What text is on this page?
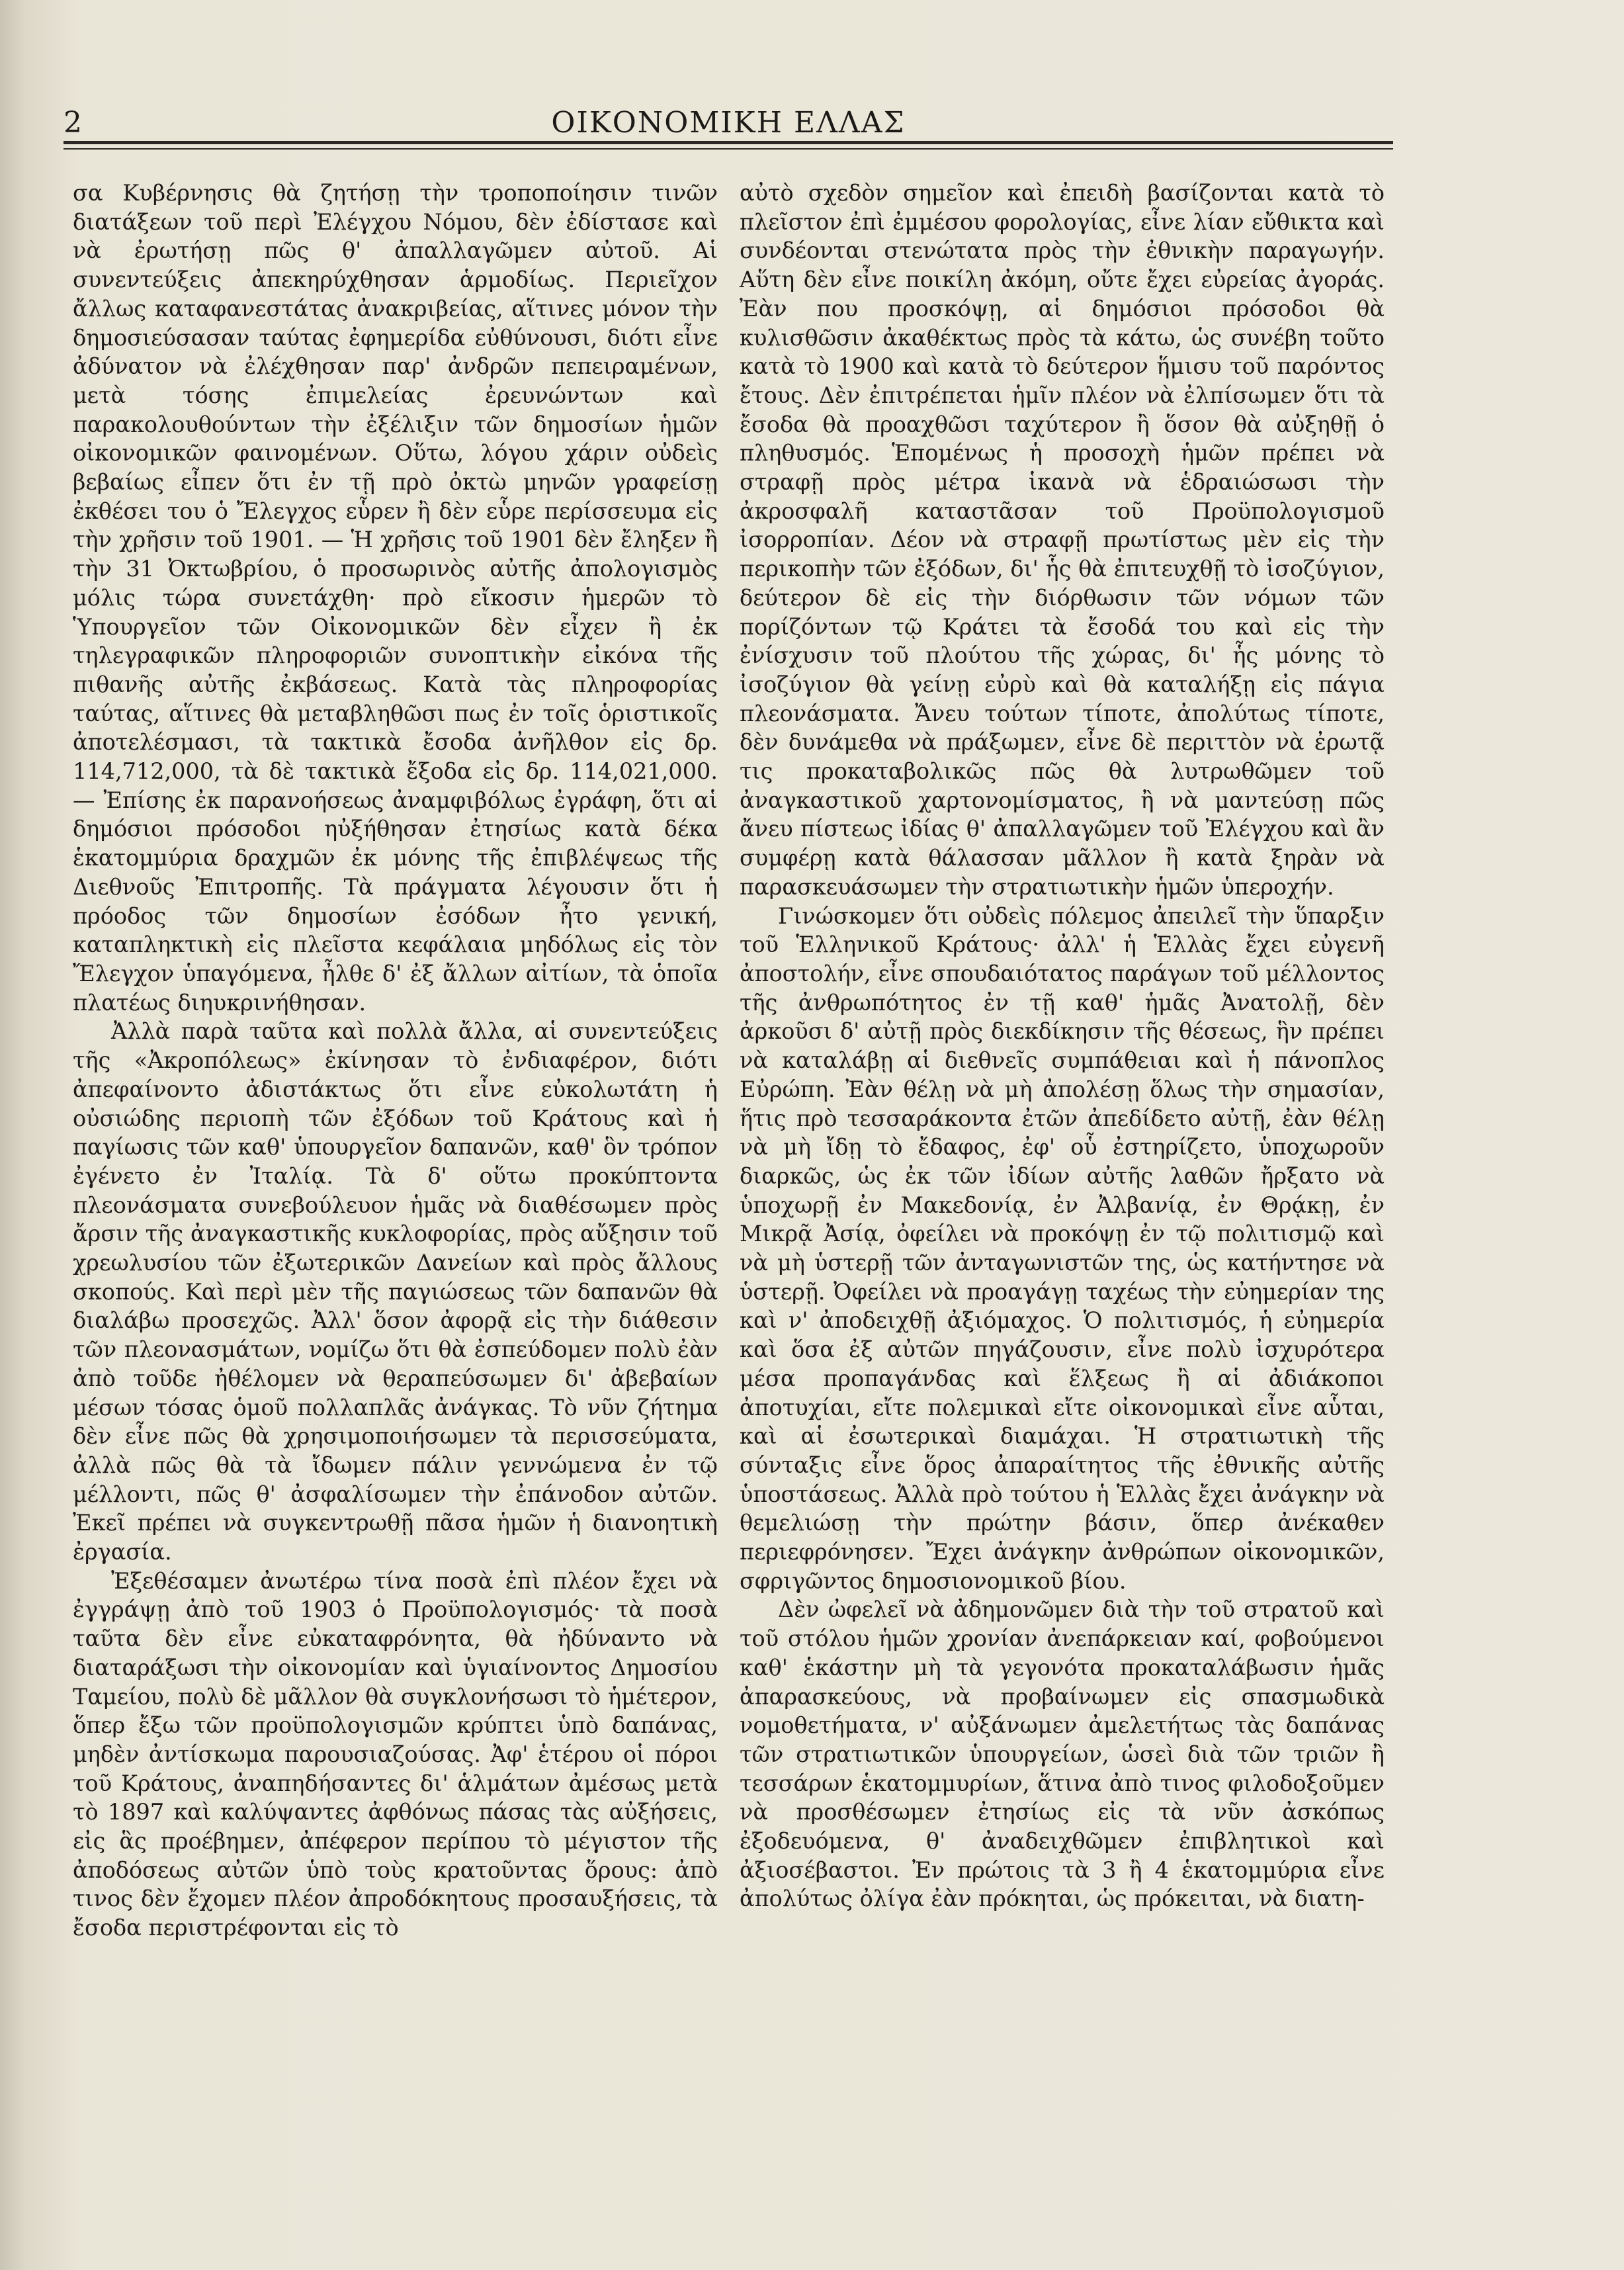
2	ΟΙΚΟΝΟΜΙΚΗ ΕΛΛΑΣ

σα Κυβέρνησις θὰ ζητήσῃ τὴν τροποποίησιν τινῶν διατάξεων τοῦ περὶ Ἐλέγχου Νόμου, δὲν ἐδίστασε καὶ νὰ ἐρωτήσῃ πῶς θ' ἀπαλλαγῶμεν αὐτοῦ. Αἱ συνεντεύξεις ἀπεκηρύχθησαν ἁρμοδίως. Περιεῖχον ἄλλως καταφανεστάτας ἀνακριβείας, αἵτινες μόνον τὴν δημοσιεύσασαν ταύτας ἐφημερίδα εὐθύνουσι, διότι εἶνε ἀδύνατον νὰ ἐλέχθησαν παρ' ἀνδρῶν πεπειραμένων, μετὰ τόσης ἐπιμελείας ἐρευνώντων καὶ παρακολουθούντων τὴν ἐξέλιξιν τῶν δημοσίων ἡμῶν οἰκονομικῶν φαινομένων. Οὕτω, λόγου χάριν οὐδεὶς βεβαίως εἶπεν ὅτι ἐν τῇ πρὸ ὀκτὼ μηνῶν γραφείσῃ ἐκθέσει του ὁ Ἔλεγχος εὗρεν ἢ δὲν εὗρε περίσσευμα εἰς τὴν χρῆσιν τοῦ 1901. — Ἡ χρῆσις τοῦ 1901 δὲν ἔληξεν ἢ τὴν 31 Ὀκτωβρίου, ὁ προσωρινὸς αὐτῆς ἀπολογισμὸς μόλις τώρα συνετάχθη· πρὸ εἴκοσιν ἡμερῶν τὸ Ὑπουργεῖον τῶν Οἰκονομικῶν δὲν εἶχεν ἢ ἐκ τηλεγραφικῶν πληροφοριῶν συνοπτικὴν εἰκόνα τῆς πιθανῆς αὐτῆς ἐκβάσεως. Κατὰ τὰς πληροφορίας ταύτας, αἵτινες θὰ μεταβληθῶσι πως ἐν τοῖς ὁριστικοῖς ἀποτελέσμασι, τὰ τακτικὰ ἔσοδα ἀνῆλθον εἰς δρ. 114,712,000, τὰ δὲ τακτικὰ ἔξοδα εἰς δρ. 114,021,000. — Ἐπίσης ἐκ παρανοήσεως ἀναμφιβόλως ἐγράφη, ὅτι αἱ δημόσιοι πρόσοδοι ηὐξήθησαν ἐτησίως κατὰ δέκα ἑκατομμύρια δραχμῶν ἐκ μόνης τῆς ἐπιβλέψεως τῆς Διεθνοῦς Ἐπιτροπῆς. Τὰ πράγματα λέγουσιν ὅτι ἡ πρόοδος τῶν δημοσίων ἐσόδων ἦτο γενική, καταπληκτικὴ εἰς πλεῖστα κεφάλαια μηδόλως εἰς τὸν Ἔλεγχον ὑπαγόμενα, ἦλθε δ' ἐξ ἄλλων αἰτίων, τὰ ὁποῖα πλατέως διηυκρινήθησαν.

Ἀλλὰ παρὰ ταῦτα καὶ πολλὰ ἄλλα, αἱ συνεντεύξεις τῆς «Ἀκροπόλεως» ἐκίνησαν τὸ ἐνδιαφέρον, διότι ἀπεφαίνοντο ἀδιστάκτως ὅτι εἶνε εὐκολωτάτη ἡ οὐσιώδης περιοπὴ τῶν ἐξόδων τοῦ Κράτους καὶ ἡ παγίωσις τῶν καθ' ὑπουργεῖον δαπανῶν, καθ' ὃν τρόπον ἐγένετο ἐν Ἰταλίᾳ. Τὰ δ' οὕτω προκύπτοντα πλεονάσματα συνεβούλευον ἡμᾶς νὰ διαθέσωμεν πρὸς ἄρσιν τῆς ἀναγκαστικῆς κυκλοφορίας, πρὸς αὔξησιν τοῦ χρεωλυσίου τῶν ἐξωτερικῶν Δανείων καὶ πρὸς ἄλλους σκοπούς. Καὶ περὶ μὲν τῆς παγιώσεως τῶν δαπανῶν θὰ διαλάβω προσεχῶς. Ἀλλ' ὅσον ἀφορᾷ εἰς τὴν διάθεσιν τῶν πλεονασμάτων, νομίζω ὅτι θὰ ἐσπεύδομεν πολὺ ἐὰν ἀπὸ τοῦδε ἠθέλομεν νὰ θεραπεύσωμεν δι' ἀβεβαίων μέσων τόσας ὁμοῦ πολλαπλᾶς ἀνάγκας. Τὸ νῦν ζήτημα δὲν εἶνε πῶς θὰ χρησιμοποιήσωμεν τὰ περισσεύματα, ἀλλὰ πῶς θὰ τὰ ἴδωμεν πάλιν γεννώμενα ἐν τῷ μέλλοντι, πῶς θ' ἀσφαλίσωμεν τὴν ἐπάνοδον αὐτῶν. Ἐκεῖ πρέπει νὰ συγκεντρωθῇ πᾶσα ἡμῶν ἡ διανοητικὴ ἐργασία.

Ἐξεθέσαμεν ἀνωτέρω τίνα ποσὰ ἐπὶ πλέον ἔχει νὰ ἐγγράψῃ ἀπὸ τοῦ 1903 ὁ Προϋπολογισμός· τὰ ποσὰ ταῦτα δὲν εἶνε εὐκαταφρόνητα, θὰ ἠδύναντο νὰ διαταράξωσι τὴν οἰκονομίαν καὶ ὑγιαίνοντος Δημοσίου Ταμείου, πολὺ δὲ μᾶλλον θὰ συγκλονήσωσι τὸ ἡμέτερον, ὅπερ ἔξω τῶν προϋπολογισμῶν κρύπτει ὑπὸ δαπάνας, μηδὲν ἀντίσκωμα παρουσιαζούσας. Ἀφ' ἑτέρου οἱ πόροι τοῦ Κράτους, ἀναπηδήσαντες δι' ἁλμάτων ἀμέσως μετὰ τὸ 1897 καὶ καλύψαντες ἀφθόνως πάσας τὰς αὐξήσεις, εἰς ἃς προέβημεν, ἀπέφερον περίπου τὸ μέγιστον τῆς ἀποδόσεως αὐτῶν ὑπὸ τοὺς κρατοῦντας ὅρους: ἀπὸ τινος δὲν ἔχομεν πλέον ἀπροδόκητους προσαυξήσεις, τὰ ἔσοδα περιστρέφονται εἰς τὸ

αὐτὸ σχεδὸν σημεῖον καὶ ἐπειδὴ βασίζονται κατὰ τὸ πλεῖστον ἐπὶ ἐμμέσου φορολογίας, εἶνε λίαν εὔθικτα καὶ συνδέονται στενώτατα πρὸς τὴν ἐθνικὴν παραγωγήν. Αὕτη δὲν εἶνε ποικίλη ἀκόμη, οὔτε ἔχει εὐρείας ἀγοράς. Ἐὰν που προσκόψῃ, αἱ δημόσιοι πρόσοδοι θὰ κυλισθῶσιν ἀκαθέκτως πρὸς τὰ κάτω, ὡς συνέβη τοῦτο κατὰ τὸ 1900 καὶ κατὰ τὸ δεύτερον ἥμισυ τοῦ παρόντος ἔτους. Δὲν ἐπιτρέπεται ἡμῖν πλέον νὰ ἐλπίσωμεν ὅτι τὰ ἔσοδα θὰ προαχθῶσι ταχύτερον ἢ ὅσον θὰ αὐξηθῇ ὁ πληθυσμός. Ἑπομένως ἡ προσοχὴ ἡμῶν πρέπει νὰ στραφῇ πρὸς μέτρα ἱκανὰ νὰ ἑδραιώσωσι τὴν ἀκροσφαλῆ καταστᾶσαν τοῦ Προϋπολογισμοῦ ἰσορροπίαν. Δέον νὰ στραφῇ πρωτίστως μὲν εἰς τὴν περικοπὴν τῶν ἐξόδων, δι' ἧς θὰ ἐπιτευχθῇ τὸ ἰσοζύγιον, δεύτερον δὲ εἰς τὴν διόρθωσιν τῶν νόμων τῶν πορίζόντων τῷ Κράτει τὰ ἔσοδά του καὶ εἰς τὴν ἐνίσχυσιν τοῦ πλούτου τῆς χώρας, δι' ἧς μόνης τὸ ἰσοζύγιον θὰ γείνῃ εὐρὺ καὶ θὰ καταλήξῃ εἰς πάγια πλεονάσματα. Ἄνευ τούτων τίποτε, ἀπολύτως τίποτε, δὲν δυνάμεθα νὰ πράξωμεν, εἶνε δὲ περιττὸν νὰ ἐρωτᾷ τις προκαταβολικῶς πῶς θὰ λυτρωθῶμεν τοῦ ἀναγκαστικοῦ χαρτονομίσματος, ἢ νὰ μαντεύσῃ πῶς ἄνευ πίστεως ἰδίας θ' ἀπαλλαγῶμεν τοῦ Ἐλέγχου καὶ ἂν συμφέρῃ κατὰ θάλασσαν μᾶλλον ἢ κατὰ ξηρὰν νὰ παρασκευάσωμεν τὴν στρατιωτικὴν ἡμῶν ὑπεροχήν.

Γινώσκομεν ὅτι οὐδεὶς πόλεμος ἀπειλεῖ τὴν ὕπαρξιν τοῦ Ἑλληνικοῦ Κράτους· ἀλλ' ἡ Ἑλλὰς ἔχει εὐγενῆ ἀποστολήν, εἶνε σπουδαιότατος παράγων τοῦ μέλλοντος τῆς ἀνθρωπότητος ἐν τῇ καθ' ἡμᾶς Ἀνατολῇ, δὲν ἀρκοῦσι δ' αὐτῇ πρὸς διεκδίκησιν τῆς θέσεως, ἣν πρέπει νὰ καταλάβῃ αἱ διεθνεῖς συμπάθειαι καὶ ἡ πάνοπλος Εὐρώπη. Ἐὰν θέλῃ νὰ μὴ ἀπολέσῃ ὅλως τὴν σημασίαν, ἥτις πρὸ τεσσαράκοντα ἐτῶν ἀπεδίδετο αὐτῇ, ἐὰν θέλῃ νὰ μὴ ἴδῃ τὸ ἔδαφος, ἐφ' οὗ ἐστηρίζετο, ὑποχωροῦν διαρκῶς, ὡς ἐκ τῶν ἰδίων αὐτῆς λαθῶν ἤρξατο νὰ ὑποχωρῇ ἐν Μακεδονίᾳ, ἐν Ἀλβανίᾳ, ἐν Θρᾴκῃ, ἐν Μικρᾷ Ἀσίᾳ, ὀφείλει νὰ προκόψῃ ἐν τῷ πολιτισμῷ καὶ νὰ μὴ ὑστερῇ τῶν ἀνταγωνιστῶν της, ὡς κατήντησε νὰ ὑστερῇ. Ὀφείλει νὰ προαγάγῃ ταχέως τὴν εὐημερίαν της καὶ ν' ἀποδειχθῇ ἀξιόμαχος. Ὁ πολιτισμός, ἡ εὐημερία καὶ ὅσα ἐξ αὐτῶν πηγάζουσιν, εἶνε πολὺ ἰσχυρότερα μέσα προπαγάνδας καὶ ἕλξεως ἢ αἱ ἀδιάκοποι ἀποτυχίαι, εἴτε πολεμικαὶ εἴτε οἰκονομικαὶ εἶνε αὗται, καὶ αἱ ἐσωτερικαὶ διαμάχαι. Ἡ στρατιωτικὴ τῆς σύνταξις εἶνε ὅρος ἀπαραίτητος τῆς ἐθνικῆς αὐτῆς ὑποστάσεως. Ἀλλὰ πρὸ τούτου ἡ Ἑλλὰς ἔχει ἀνάγκην νὰ θεμελιώσῃ τὴν πρώτην βάσιν, ὅπερ ἀνέκαθεν περιεφρόνησεν. Ἔχει ἀνάγκην ἀνθρώπων οἰκονομικῶν, σφριγῶντος δημοσιονομικοῦ βίου.

Δὲν ὠφελεῖ νὰ ἀδημονῶμεν διὰ τὴν τοῦ στρατοῦ καὶ τοῦ στόλου ἡμῶν χρονίαν ἀνεπάρκειαν καί, φοβούμενοι καθ' ἑκάστην μὴ τὰ γεγονότα προκαταλάβωσιν ἡμᾶς ἀπαρασκεύους, νὰ προβαίνωμεν εἰς σπασμωδικὰ νομοθετήματα, ν' αὐξάνωμεν ἀμελετήτως τὰς δαπάνας τῶν στρατιωτικῶν ὑπουργείων, ὡσεὶ διὰ τῶν τριῶν ἢ τεσσάρων ἑκατομμυρίων, ἅτινα ἀπὸ τινος φιλοδοξοῦμεν νὰ προσθέσωμεν ἐτησίως εἰς τὰ νῦν ἀσκόπως ἐξοδευόμενα, θ' ἀναδειχθῶμεν ἐπιβλητικοὶ καὶ ἀξιοσέβαστοι. Ἐν πρώτοις τὰ 3 ἢ 4 ἑκατομμύρια εἶνε ἀπολύτως ὀλίγα ἐὰν πρόκηται, ὡς πρόκειται, νὰ διατη-
